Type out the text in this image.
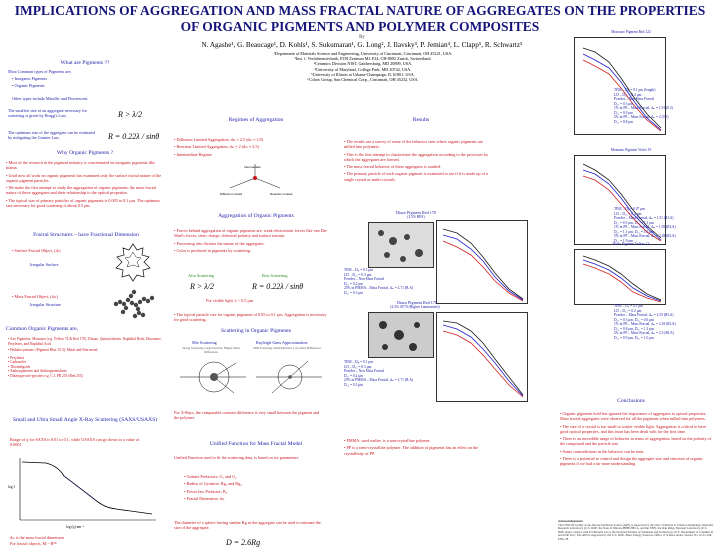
IMPLICATIONS OF AGGREGATION AND MASS FRACTAL NATURE OF AGGREGATES ON THE PROPERTIES
OF ORGANIC PIGMENTS AND POLYMER COMPOSITES
By
N. Agashe¹, G. Beaucage¹, D. Kohls¹, S. Sukumaran¹, G. Long², J. Ilavsky³, P. Jemian⁴, L. Clapp⁵, R. Schwartz⁵
¹Department of Materials Science and Engineering, University of Cincinnati, Cincinnati, OH 45221, USA.
²Inst. f. Verfahrenstechnik, ETH Zentrum ML F24, CH-8092 Zurich, Switzerland.
³Ceramics Division NIST, Gaithersburg, MD 20899, USA.
⁴University of Maryland, College Park, MD 20742, USA.
⁵University of Illinois at Urbana-Champaign, IL 61801, USA.
⁶Colors Group, Sun Chemical Corp., Cincinnati, OH 45232, USA.
What are Pigments ??
Most Common types of Pigments are,
• Inorganic Pigments
• Organic Pigments
Other types include Metallic and Fluorescent
The smallest size of an aggregate necessary for scattering is given by Bragg's Law,	R > λ/2
The optimum size of the aggregate can be estimated by mitigating the Guinier Law,	R = 0.22λ / sinθ
Why Organic Pigments ?
• Most of the research in the pigment industry is concentrated on inorganic pigments like titania.
• Until now all work on organic pigments has examined only the surface fractal nature of the organic pigment particles.
• We make the first attempt to study the aggregation of organic pigments; the mass fractal nature of these aggregates and their relationship to the optical properties.
• The typical size of primary particles of organic pigments is 0.005 to 0.1 μm. The optimum size necessary for good scattering is about 0.5 μm.
Fractal Structures – have Fractional Dimension
• Surface Fractal Object, (dₛ)
Irregular Surface
• Mass Fractal Object, (dₘ)
Irregular Structure
Common Organic Pigments are,
• Azo Pigments: Monoazo (e.g. Yellow 74 & Red 170), Disazo, Quinacridones, Naphthol Reds, Dioxazine, Perylenes, and Naphthol Acid
• Phthalocyanines: (Pigment Blue 15:3), Metal and Non-metal
• Perylenes
• Carbazoles
• Thioindigoids
• Anthraquinones and Anthrapyrimidines
• Diketopyrrolo-pyrroles e.g. C.I. PR 255 (Red 255)
Small and Ultra Small Angle X-Ray Scattering (SAXS/USAXS)
Range of q for SAXS is 0.01 to 0.1, while USAXS can go down to a value of 0.0001
log I
log (q) nm⁻¹
dₘ is the mass fractal dimension
For fractal objects, M ~ Rᵈᵐ
Regimes of Aggregation
• Diffusion Limited Aggregation, dₘ ≈ 2.5 (dₘ ≈ 1.8)
• Reaction Limited Aggregation, dₘ ≈ 2 (dₘ ≈ 2.5)
• Intermediate Regime
Diffusion Limited
Intermediate
Reaction Limited
Aggregation of Organic Pigments
• Forces behind aggregation of organic pigments are: weak electrostatic forces like van Der Waal's forces, steric charge, chemical polarity and surface tension.
• Processing also dictates the nature of the aggregates.
• Color is produced in pigments by scattering:
Also Scattering	Best Scattering
R > λ/2	R = 0.22λ / sinθ
For visible light, λ ~ 0.5 μm
• The typical particle size for organic pigments of 0.05 to 0.1 μm. Aggregation is necessary for good scattering.
Scattering in Organic Pigments
Mie Scattering	Rayleigh-Gans Approximation
Strong Scattering, Large Particles, Higher Index Differences
Mild Scattering, Small Particles, Low Index Differences
For X-Rays, the comparable contrast difference is very small between the pigment and the polymer.
Unified Function for Mass Fractal Model
Unified Function used to fit the scattering data, is based on six parameters:
• Guinier Prefactors: G₁ and G₂
• Radius of Gyration: Rg₁ and Rg₂
• Power law Prefactor: B₂
• Fractal Dimension: dₘ
The diameter of a sphere having similar Rg as the aggregate can be used to estimate the size of the aggregate.
D = 2.6Rg
Results
• The results are a survey of some of the behavior seen where organic pigments are milled into polymers.
• This is the first attempt to characterize the aggregation according to the processes by which the aggregates are formed.
• The mass fractal behavior of these aggregates is studied.
• The primary particle of each organic pigment is examined to see if it is made up of a single crystal or multi-crystals.
Diazo Pigment Red 170
(2.5% RPA)
TEM – Dₚ = 0.1 μm
LD – D₅₀ = 0.3 μm
Powder – Non Mass Fractal
D₅₀ = 0.2 μm
25% in PMMA – Mass Fractal, dₘ = 2.71 (B.A)
D₅₀ = 0.3 μm
Diazo Pigment Red 170
(2.5% AT70 (Higher Lamination))
TEM – Dₚ = 0.1 μm
LD – D₅₀ = 0.3 μm
Powder – Non Mass Fractal
D₅₀ = 0.2 μm
25% in PMMA – Mass Fractal, dₘ = 2.71 (B.A)
D₅₀ = 0.3 μm
• PMMA: used earlier, is a non-crystalline polymer.
• PP is a semi-crystalline polymer. The addition of pigments has an effect on the crystallinity of PP.
Monoazo Pigment Red 122
TEM – Dₚ = 0.1 μm (length)
LD – D₅₀ = 0.4 μm
Powder – Non Mass Fractal
D₅₀ = 0.3 μm
1% in PP – Mass Fractal, dₘ = 1.91 (0.5)
D₅₀ = 0.9 μm
5% in PP – Mass Fractal, dₘ = 2 (0.5)
D₅₀ = 0.8 μm
Monoazo Pigment Violet 19
TEM – Dₚ = 0.07 μm
LD – D₅₀ = 0.3 μm
Powder – Mass Fractal, dₘ = 1.51 (RLA)
D₅₀ = 0.3 μm, D₅₀ = 1.1 μm
1% in PP – Mass Fractal, dₘ = 1.95 (RLA)
D₅₀ = 1.1 μm, D₅₀ = 1.9 μm
5% in PP – Mass Fractal, dₘ = 2.28 (RLA)
D₅₀ = 1.9 μm
Diazo Pigment Yellow 13
TEM – Dₚ = 0.1 μm
LD – D₅₀ = 0.2 μm
Powder – Mass Fractal, dₘ = 2.55 (RLA)
D₅₀ = 0.3 μm, D₅₀ = 0.6 μm
1% in PP – Mass Fractal, dₘ = 2.18 (RLA)
D₅₀ = 0.8 μm, D₅₀ = 1.2 μm
5% in PP – Mass Fractal, dₘ = 2.3 (RLA)
D₅₀ = 0.9 μm, D₅₀ = 1.0 μm
Conclusions
• Organic pigments hold has ignored the importance of aggregates to optical properties. Mass fractal aggregates were observed for all the pigments when milled into polymers.
• The size of a crystal is too small to scatter visible light. Aggregation is critical to have good optical properties, and this issue has been dealt with for the first time.
• There is an incredible range of behavior in terms of aggregation, based on the polarity of the compound and the particle size.
• Some contradictions in the behavior can be seen.
• There is a potential to control and design the aggregate size and structure of organic pigments if we had a far more understanding.
Acknowledgements
The UNICAT facility at the Advanced Photon Source (APS) is supported by the Univ of Illinois at Urbana-Champaign, Materials Research Laboratory (U.S. DOE, the State of Illinois-IBHE-HECA, and the NSF), the Oak Ridge National Laboratory (U.S. DOE under contract with UT-Battelle LLC), the National Institute of Standards and Technology (U.S. Department of Commerce) and UOP LLC. The APS is supported by the U.S. DOE, Basic Energy Sciences, Office of Science under contract No. W-31-109-ENG-38.
